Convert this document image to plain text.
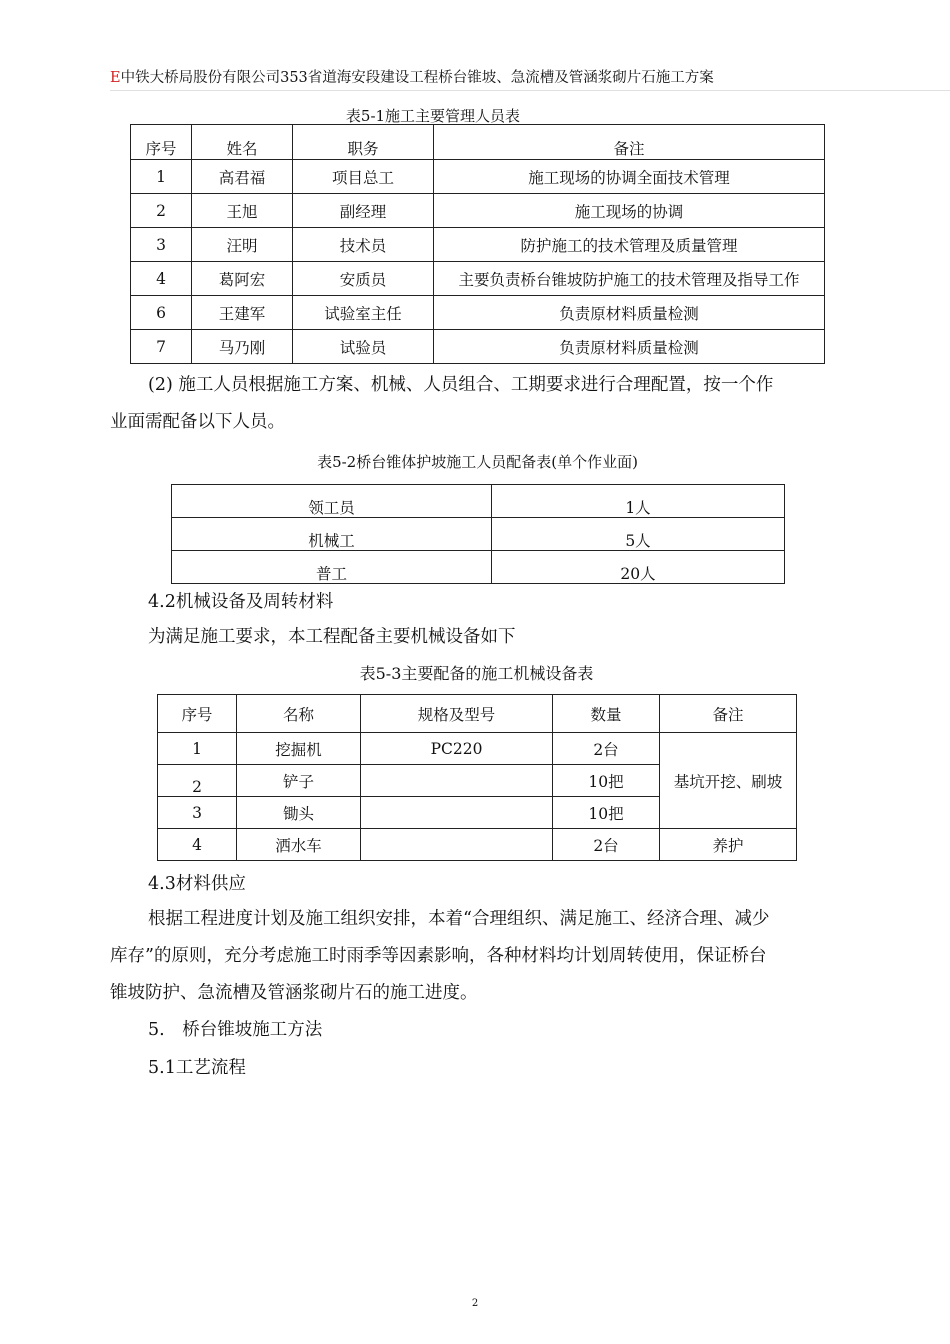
E中铁大桥局股份有限公司353省道海安段建设工程桥台锥坡、急流槽及管涵浆砌片石施工方案
表5-1施工主要管理人员表
序号	姓名	职务	备注
1	高君福	项目总工	施工现场的协调全面技术管理
2	王旭	副经理	施工现场的协调
3	汪明	技术员	防护施工的技术管理及质量管理
4	葛阿宏	安质员	主要负责桥台锥坡防护施工的技术管理及指导工作
6	王建军	试验室主任	负责原材料质量检测
7	马乃刚	试验员	负责原材料质量检测
(2) 施工人员根据施工方案、机械、人员组合、工期要求进行合理配置，按一个作
业面需配备以下人员。
表5-2桥台锥体护坡施工人员配备表(单个作业面)
领工员	1人
机械工	5人
普工	20人
4.2机械设备及周转材料
为满足施工要求，本工程配备主要机械设备如下
表5-3主要配备的施工机械设备表
序号	名称	规格及型号	数量	备注
1	挖掘机	PC220	2台	基坑开挖、刷坡
2	铲子		10把	
3	锄头		10把	
4	洒水车		2台	养护
4.3材料供应
根据工程进度计划及施工组织安排，本着“合理组织、满足施工、经济合理、减少
库存”的原则，充分考虑施工时雨季等因素影响，各种材料均计划周转使用，保证桥台
锥坡防护、急流槽及管涵浆砌片石的施工进度。
5.　桥台锥坡施工方法
5.1工艺流程
2
